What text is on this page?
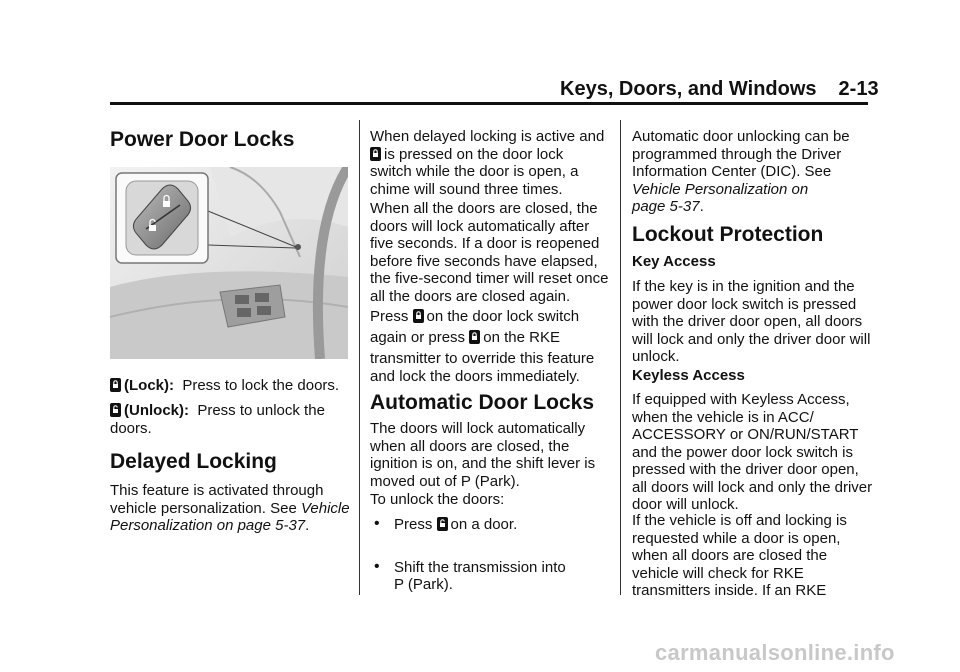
Keys, Doors, and Windows 2-13
Power Door Locks

(Lock): Press to lock the doors.

(Unlock): Press to unlock the
doors.

Delayed Locking

This feature is activated through
vehicle personalization. See Vehicle
Personalization on page 5-37.

When delayed locking is active and
is pressed on the door lock
switch while the door is open, a
chime will sound three times.

When all the doors are closed, the
doors will lock automatically after
five seconds. If a door is reopened
before five seconds have elapsed,
the five-second timer will reset once
all the doors are closed again.

Press on the door lock switch
again or press on the RKE

transmitter to override this feature
and lock the doors immediately.

Automatic Door Locks

The doors will lock automatically
when all doors are closed, the
ignition is on, and the shift lever is
moved out of P (Park).

To unlock the doors:

• Press on a door.

• Shift the transmission into
P (Park).

Automatic door unlocking can be
programmed through the Driver
Information Center (DIC). See
Vehicle Personalization on
page 5-37.

Lockout Protection
Key Access

If the key is in the ignition and the
power door lock switch is pressed
with the driver door open, all doors
will lock and only the driver door will
unlock.

Keyless Access

If equipped with Keyless Access,
when the vehicle is in ACC/
ACCESSORY or ON/RUN/START
and the power door lock switch is
pressed with the driver door open,
all doors will lock and only the driver
door will unlock.

If the vehicle is off and locking is
requested while a door is open,
when all doors are closed the
vehicle will check for RKE
transmitters inside. If an RKE

carmanualsonline.info
